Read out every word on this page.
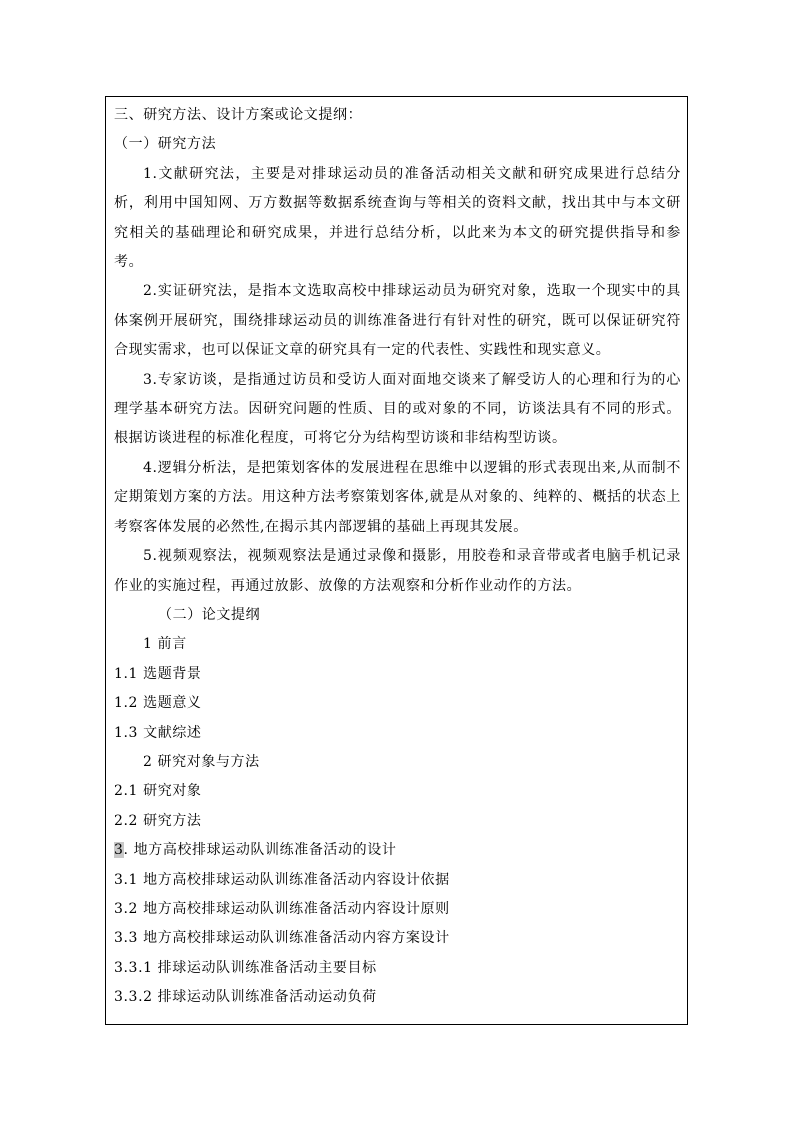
三、研究方法、设计方案或论文提纲：

（一）研究方法

1.文献研究法，主要是对排球运动员的准备活动相关文献和研究成果进行总结分析，利用中国知网、万方数据等数据系统查询与等相关的资料文献，找出其中与本文研究相关的基础理论和研究成果，并进行总结分析，以此来为本文的研究提供指导和参考。

2.实证研究法，是指本文选取高校中排球运动员为研究对象，选取一个现实中的具体案例开展研究，围绕排球运动员的训练准备进行有针对性的研究，既可以保证研究符合现实需求，也可以保证文章的研究具有一定的代表性、实践性和现实意义。

3.专家访谈，是指通过访员和受访人面对面地交谈来了解受访人的心理和行为的心理学基本研究方法。因研究问题的性质、目的或对象的不同，访谈法具有不同的形式。根据访谈进程的标准化程度，可将它分为结构型访谈和非结构型访谈。

4.逻辑分析法，是把策划客体的发展进程在思维中以逻辑的形式表现出来,从而制不定期策划方案的方法。用这种方法考察策划客体,就是从对象的、纯粹的、概括的状态上考察客体发展的必然性,在揭示其内部逻辑的基础上再现其发展。

5.视频观察法，视频观察法是通过录像和摄影，用胶卷和录音带或者电脑手机记录作业的实施过程，再通过放影、放像的方法观察和分析作业动作的方法。

（二）论文提纲

1 前言

1.1 选题背景

1.2 选题意义

1.3 文献综述

2 研究对象与方法

2.1 研究对象

2.2 研究方法

3. 地方高校排球运动队训练准备活动的设计

3.1 地方高校排球运动队训练准备活动内容设计依据

3.2 地方高校排球运动队训练准备活动内容设计原则

3.3 地方高校排球运动队训练准备活动内容方案设计

3.3.1 排球运动队训练准备活动主要目标

3.3.2 排球运动队训练准备活动运动负荷
